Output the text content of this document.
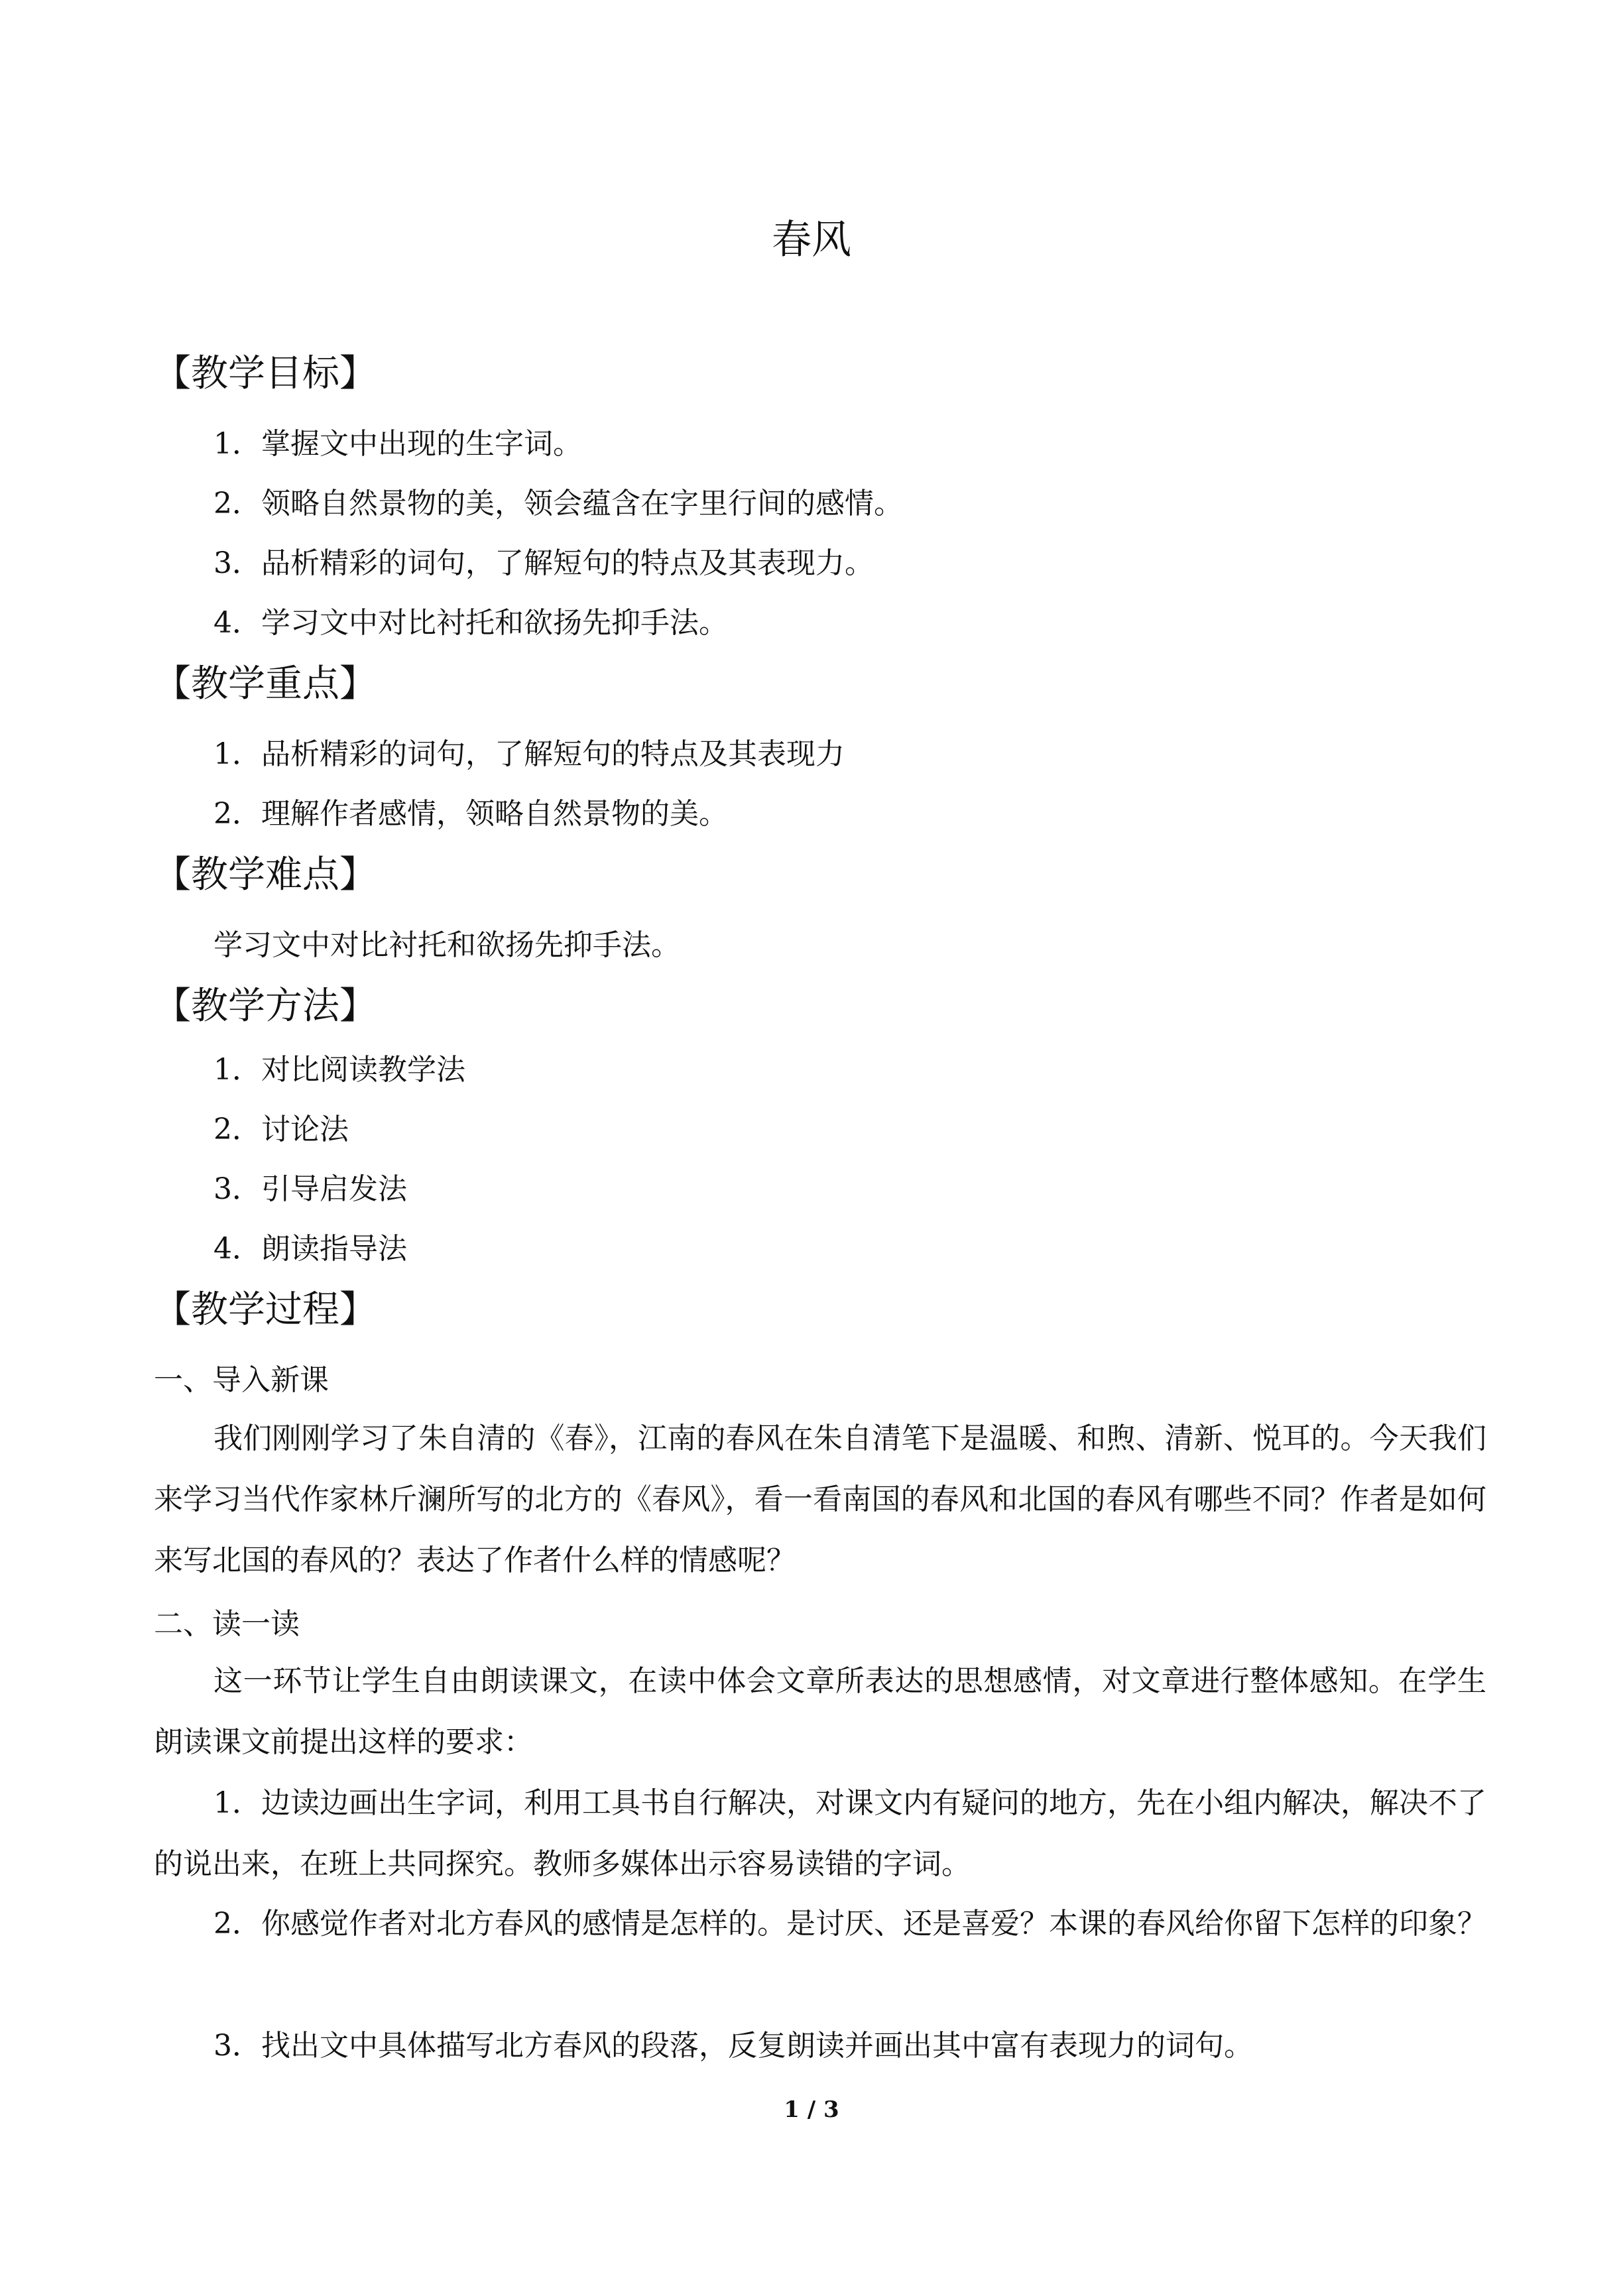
春风
【教学目标】

1．掌握文中出现的生字词。

2．领略自然景物的美，领会蕴含在字里行间的感情。

3．品析精彩的词句，了解短句的特点及其表现力。

4．学习文中对比衬托和欲扬先抑手法。

【教学重点】

1．品析精彩的词句，了解短句的特点及其表现力

2．理解作者感情，领略自然景物的美。

【教学难点】

学习文中对比衬托和欲扬先抑手法。

【教学方法】

1．对比阅读教学法

2．讨论法

3．引导启发法

4．朗读指导法

【教学过程】

一、导入新课

我们刚刚学习了朱自清的《春》，江南的春风在朱自清笔下是温暖、和煦、清新、悦耳的。今天我们来学习当代作家林斤澜所写的北方的《春风》，看一看南国的春风和北国的春风有哪些不同？作者是如何来写北国的春风的？表达了作者什么样的情感呢？

二、读一读

这一环节让学生自由朗读课文，在读中体会文章所表达的思想感情，对文章进行整体感知。在学生朗读课文前提出这样的要求：

1．边读边画出生字词，利用工具书自行解决，对课文内有疑问的地方，先在小组内解决，解决不了的说出来，在班上共同探究。教师多媒体出示容易读错的字词。

2．你感觉作者对北方春风的感情是怎样的。是讨厌、还是喜爱？本课的春风给你留下怎样的印象？

3．找出文中具体描写北方春风的段落，反复朗读并画出其中富有表现力的词句。

1 / 3
